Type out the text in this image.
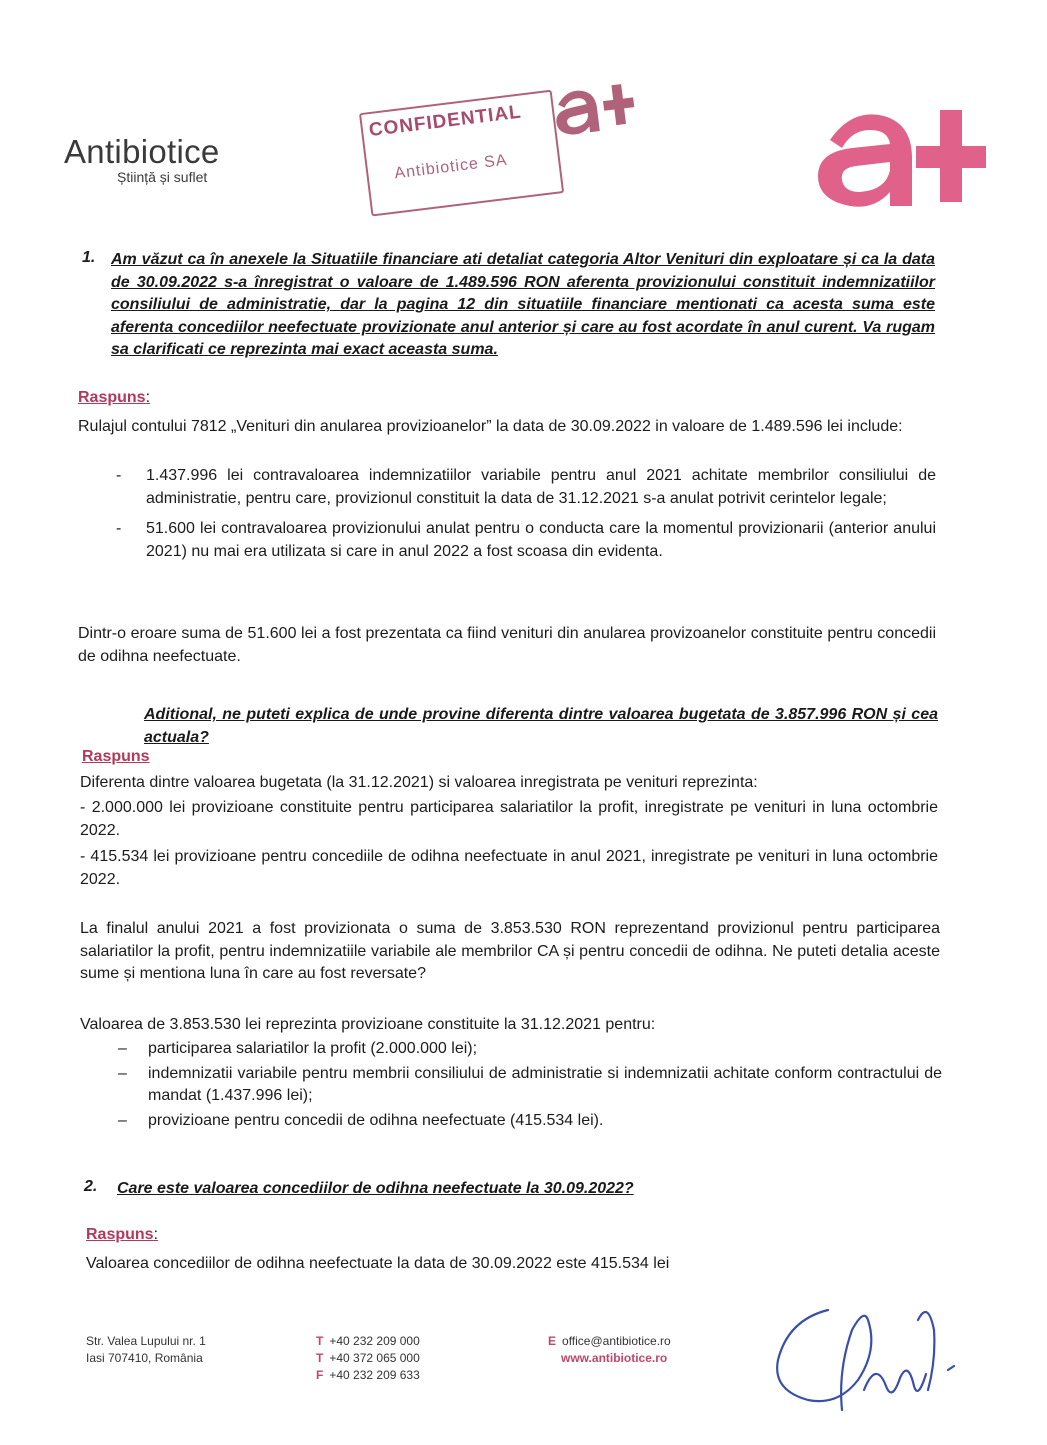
Antibiotice
Știință și suflet
CONFIDENTIAL
Antibiotice SA
1. Am văzut ca în anexele la Situatiile financiare ati detaliat categoria Altor Venituri din exploatare și ca la data de 30.09.2022 s-a înregistrat o valoare de 1.489.596 RON aferenta provizionului constituit indemnizatiilor consiliului de administratie, dar la pagina 12 din situatiile financiare mentionati ca acesta suma este aferenta concediilor neefectuate provizionate anul anterior și care au fost acordate în anul curent. Va rugam sa clarificati ce reprezinta mai exact aceasta suma.
Raspuns:
Rulajul contului 7812 „Venituri din anularea provizioanelor” la data de 30.09.2022 in valoare de 1.489.596 lei include:
- 1.437.996 lei contravaloarea indemnizatiilor variabile pentru anul 2021 achitate membrilor consiliului de administratie, pentru care, provizionul constituit la data de 31.12.2021 s-a anulat potrivit cerintelor legale;
- 51.600 lei contravaloarea provizionului anulat pentru o conducta care la momentul provizionarii (anterior anului 2021) nu mai era utilizata si care in anul 2022 a fost scoasa din evidenta.
Dintr-o eroare suma de 51.600 lei a fost prezentata ca fiind venituri din anularea provizoanelor constituite pentru concedii de odihna neefectuate.
Aditional, ne puteti explica de unde provine diferenta dintre valoarea bugetata de 3.857.996 RON și cea actuala?
Raspuns
Diferenta dintre valoarea bugetata (la 31.12.2021) si valoarea inregistrata pe venituri reprezinta:
- 2.000.000 lei provizioane constituite pentru participarea salariatilor la profit, inregistrate pe venituri in luna octombrie 2022.
- 415.534 lei provizioane pentru concediile de odihna neefectuate in anul 2021, inregistrate pe venituri in luna octombrie 2022.
La finalul anului 2021 a fost provizionata o suma de 3.853.530 RON reprezentand provizionul pentru participarea salariatilor la profit, pentru indemnizatiile variabile ale membrilor CA și pentru concedii de odihna. Ne puteti detalia aceste sume și mentiona luna în care au fost reversate?
Valoarea de 3.853.530 lei reprezinta provizioane constituite la 31.12.2021 pentru:
– participarea salariatilor la profit (2.000.000 lei);
– indemnizatii variabile pentru membrii consiliului de administratie si indemnizatii achitate conform contractului de mandat (1.437.996 lei);
– provizioane pentru concedii de odihna neefectuate (415.534 lei).
2. Care este valoarea concediilor de odihna neefectuate la 30.09.2022?
Raspuns:
Valoarea concediilor de odihna neefectuate la data de 30.09.2022 este 415.534 lei
Str. Valea Lupului nr. 1
Iasi 707410, România
T +40 232 209 000
T +40 372 065 000
F +40 232 209 633
E office@antibiotice.ro
www.antibiotice.ro
